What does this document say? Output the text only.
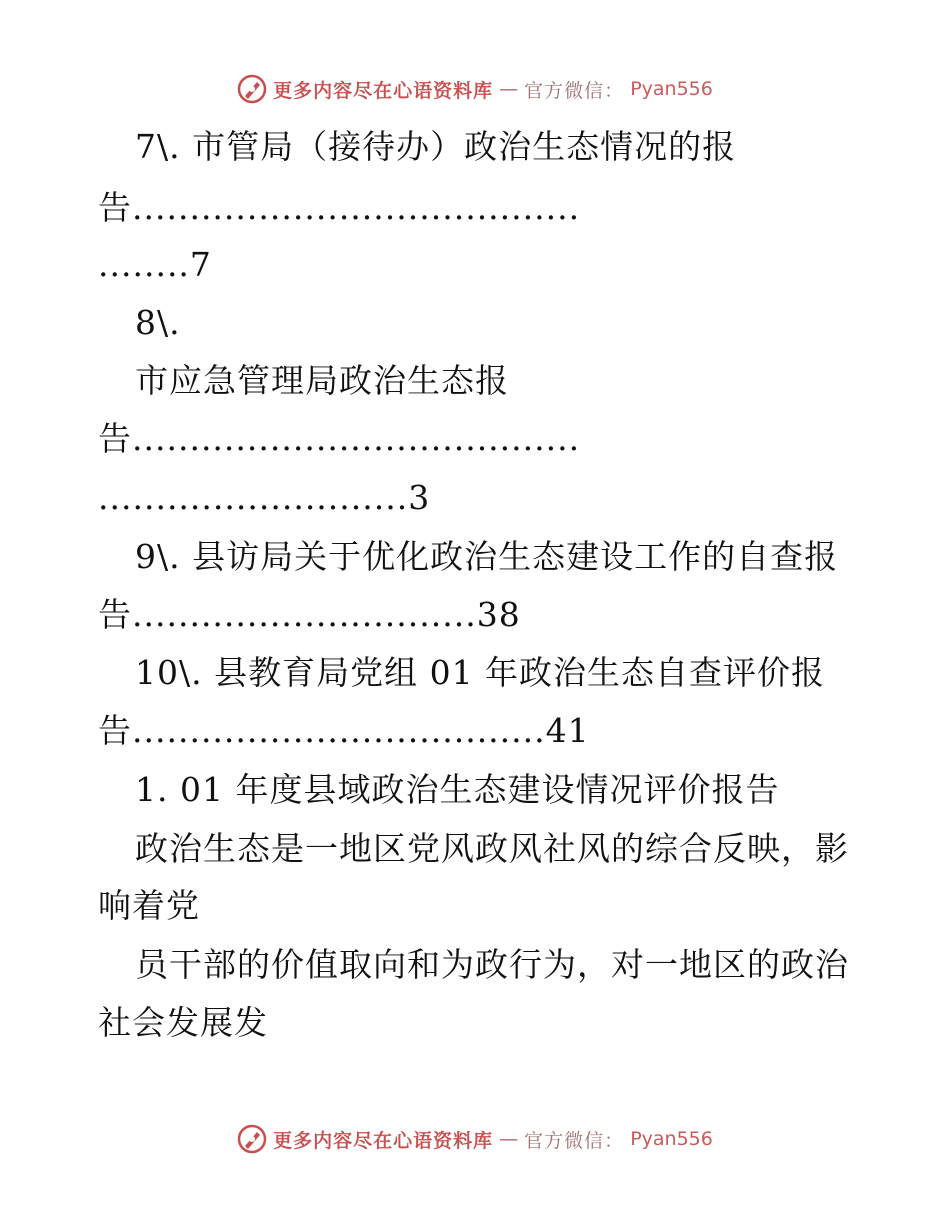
更多内容尽在心语资料库 — 官方微信： Pyan556
7\. 市管局（接待办）政治生态情况的报
告.......................................
........7
8\.
市应急管理局政治生态报
告.......................................
...........................3
9\. 县访局关于优化政治生态建设工作的自查报
告..............................38
10\. 县教育局党组 01 年政治生态自查评价报
告....................................41
1. 01 年度县域政治生态建设情况评价报告
政治生态是一地区党风政风社风的综合反映，影
响着党
员干部的价值取向和为政行为，对一地区的政治
社会发展发
更多内容尽在心语资料库 — 官方微信： Pyan556
